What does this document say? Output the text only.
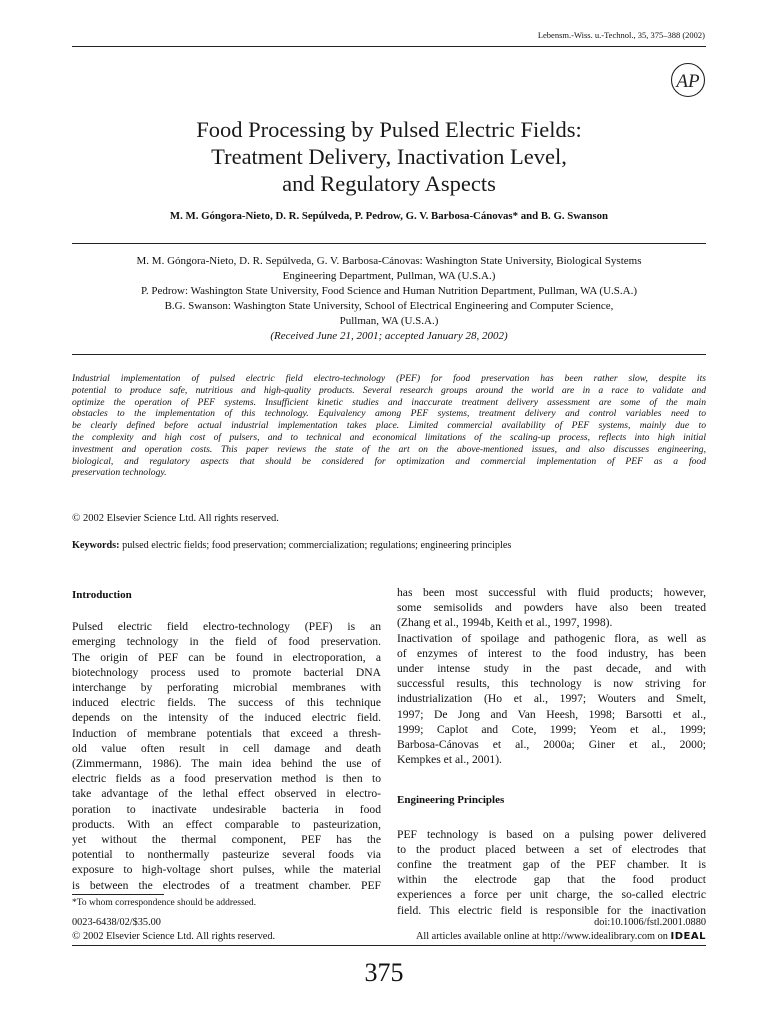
Lebensm.-Wiss. u.-Technol., 35, 375–388 (2002)
AP
Food Processing by Pulsed Electric Fields:
Treatment Delivery, Inactivation Level,
and Regulatory Aspects
M. M. Góngora-Nieto, D. R. Sepúlveda, P. Pedrow, G. V. Barbosa-Cánovas* and B. G. Swanson
M. M. Góngora-Nieto, D. R. Sepúlveda, G. V. Barbosa-Cánovas: Washington State University, Biological Systems
Engineering Department, Pullman, WA (U.S.A.)
P. Pedrow: Washington State University, Food Science and Human Nutrition Department, Pullman, WA (U.S.A.)
B.G. Swanson: Washington State University, School of Electrical Engineering and Computer Science,
Pullman, WA (U.S.A.)
(Received June 21, 2001; accepted January 28, 2002)
Industrial implementation of pulsed electric field electro-technology (PEF) for food preservation has been rather slow, despite its
potential to produce safe, nutritious and high-quality products. Several research groups around the world are in a race to validate and
optimize the operation of PEF systems. Insufficient kinetic studies and inaccurate treatment delivery assessment are some of the main
obstacles to the implementation of this technology. Equivalency among PEF systems, treatment delivery and control variables need to
be clearly defined before actual industrial implementation takes place. Limited commercial availability of PEF systems, mainly due to
the complexity and high cost of pulsers, and to technical and economical limitations of the scaling-up process, reflects into high initial
investment and operation costs. This paper reviews the state of the art on the above-mentioned issues, and also discusses engineering,
biological, and regulatory aspects that should be considered for optimization and commercial implementation of PEF as a food
preservation technology.
© 2002 Elsevier Science Ltd. All rights reserved.
Keywords: pulsed electric fields; food preservation; commercialization; regulations; engineering principles
Introduction
Pulsed electric field electro-technology (PEF) is an
emerging technology in the field of food preservation.
The origin of PEF can be found in electroporation, a
biotechnology process used to promote bacterial DNA
interchange by perforating microbial membranes with
induced electric fields. The success of this technique
depends on the intensity of the induced electric field.
Induction of membrane potentials that exceed a thresh-
old value often result in cell damage and death
(Zimmermann, 1986). The main idea behind the use of
electric fields as a food preservation method is then to
take advantage of the lethal effect observed in electro-
poration to inactivate undesirable bacteria in food
products. With an effect comparable to pasteurization,
yet without the thermal component, PEF has the
potential to nonthermally pasteurize several foods via
exposure to high-voltage short pulses, while the material
is between the electrodes of a treatment chamber. PEF
has been most successful with fluid products; however,
some semisolids and powders have also been treated
(Zhang et al., 1994b, Keith et al., 1997, 1998).
Inactivation of spoilage and pathogenic flora, as well as
of enzymes of interest to the food industry, has been
under intense study in the past decade, and with
successful results, this technology is now striving for
industrialization (Ho et al., 1997; Wouters and Smelt,
1997; De Jong and Van Heesh, 1998; Barsotti et al.,
1999; Caplot and Cote, 1999; Yeom et al., 1999;
Barbosa-Cánovas et al., 2000a; Giner et al., 2000;
Kempkes et al., 2001).
Engineering Principles
PEF technology is based on a pulsing power delivered
to the product placed between a set of electrodes that
confine the treatment gap of the PEF chamber. It is
within the electrode gap that the food product
experiences a force per unit charge, the so-called electric
field. This electric field is responsible for the inactivation
*To whom correspondence should be addressed.
0023-6438/02/$35.00
© 2002 Elsevier Science Ltd. All rights reserved.
doi:10.1006/fstl.2001.0880
All articles available online at http://www.idealibrary.com on IDEAL
375
